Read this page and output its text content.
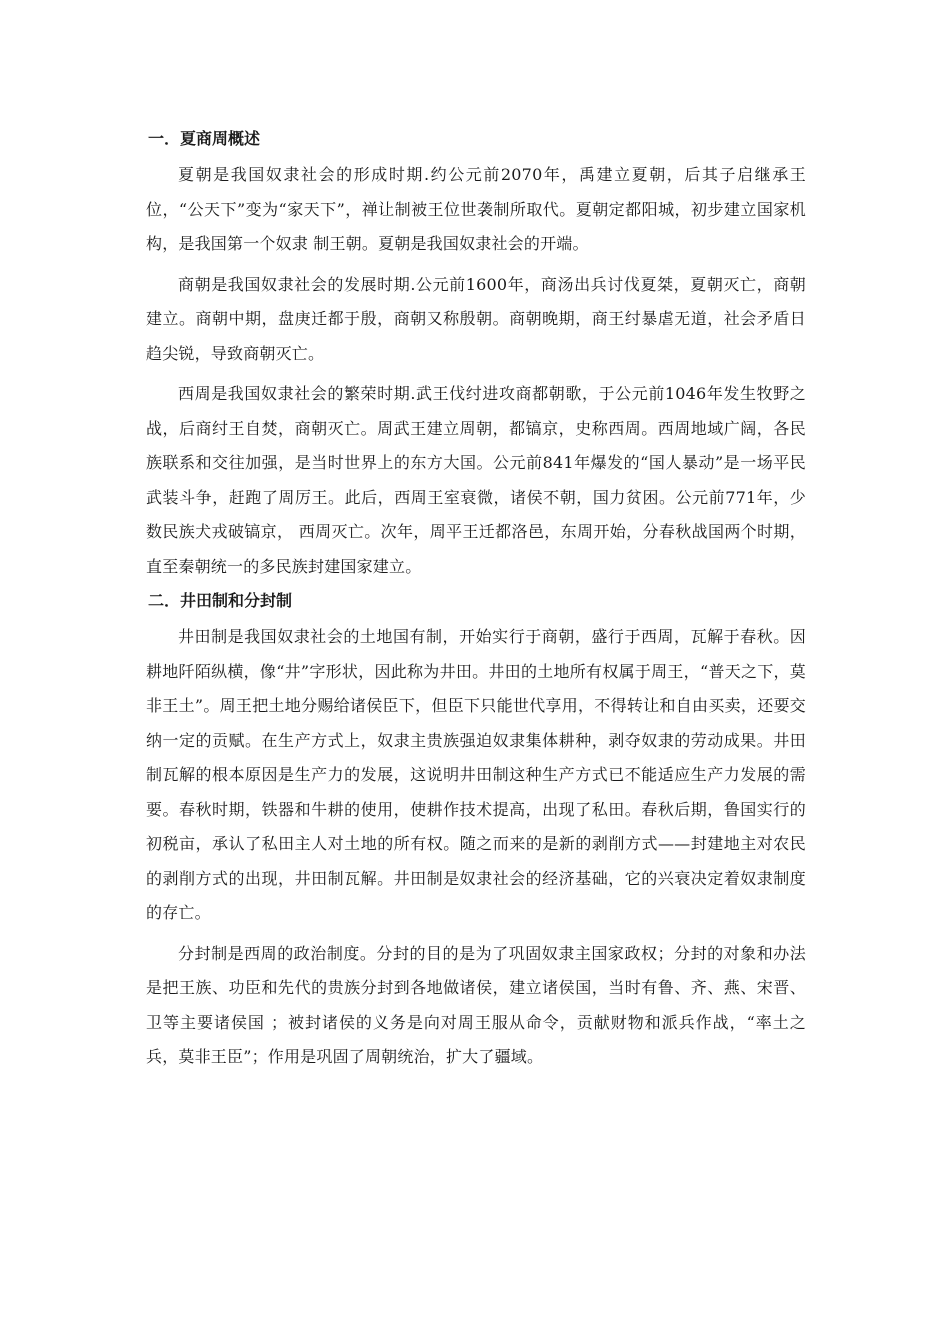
一．夏商周概述

夏朝是我国奴隶社会的形成时期.约公元前2070年，禹建立夏朝，后其子启继承王位，“公天下”变为“家天下”，禅让制被王位世袭制所取代。夏朝定都阳城，初步建立国家机构，是我国第一个奴隶 制王朝。夏朝是我国奴隶社会的开端。

商朝是我国奴隶社会的发展时期.公元前1600年，商汤出兵讨伐夏桀，夏朝灭亡，商朝建立。商朝中期，盘庚迁都于殷，商朝又称殷朝。商朝晚期，商王纣暴虐无道，社会矛盾日趋尖锐，导致商朝灭亡。

西周是我国奴隶社会的繁荣时期.武王伐纣进攻商都朝歌，于公元前1046年发生牧野之战，后商纣王自焚，商朝灭亡。周武王建立周朝，都镐京，史称西周。西周地域广阔，各民族联系和交往加强，是当时世界上的东方大国。公元前841年爆发的“国人暴动”是一场平民武装斗争，赶跑了周厉王。此后，西周王室衰微，诸侯不朝，国力贫困。公元前771年，少数民族犬戎破镐京， 西周灭亡。次年，周平王迁都洛邑，东周开始，分春秋战国两个时期，直至秦朝统一的多民族封建国家建立。

二．井田制和分封制

井田制是我国奴隶社会的土地国有制，开始实行于商朝，盛行于西周，瓦解于春秋。因耕地阡陌纵横，像“井”字形状，因此称为井田。井田的土地所有权属于周王，“普天之下，莫非王土”。周王把土地分赐给诸侯臣下，但臣下只能世代享用，不得转让和自由买卖，还要交纳一定的贡赋。在生产方式上，奴隶主贵族强迫奴隶集体耕种，剥夺奴隶的劳动成果。井田制瓦解的根本原因是生产力的发展，这说明井田制这种生产方式已不能适应生产力发展的需要。春秋时期，铁器和牛耕的使用，使耕作技术提高，出现了私田。春秋后期，鲁国实行的初税亩，承认了私田主人对土地的所有权。随之而来的是新的剥削方式——封建地主对农民的剥削方式的出现，井田制瓦解。井田制是奴隶社会的经济基础，它的兴衰决定着奴隶制度的存亡。

分封制是西周的政治制度。分封的目的是为了巩固奴隶主国家政权；分封的对象和办法是把王族、功臣和先代的贵族分封到各地做诸侯，建立诸侯国，当时有鲁、齐、燕、宋晋、卫等主要诸侯国 ；被封诸侯的义务是向对周王服从命令，贡献财物和派兵作战，“率土之兵，莫非王臣”；作用是巩固了周朝统治，扩大了疆域。
